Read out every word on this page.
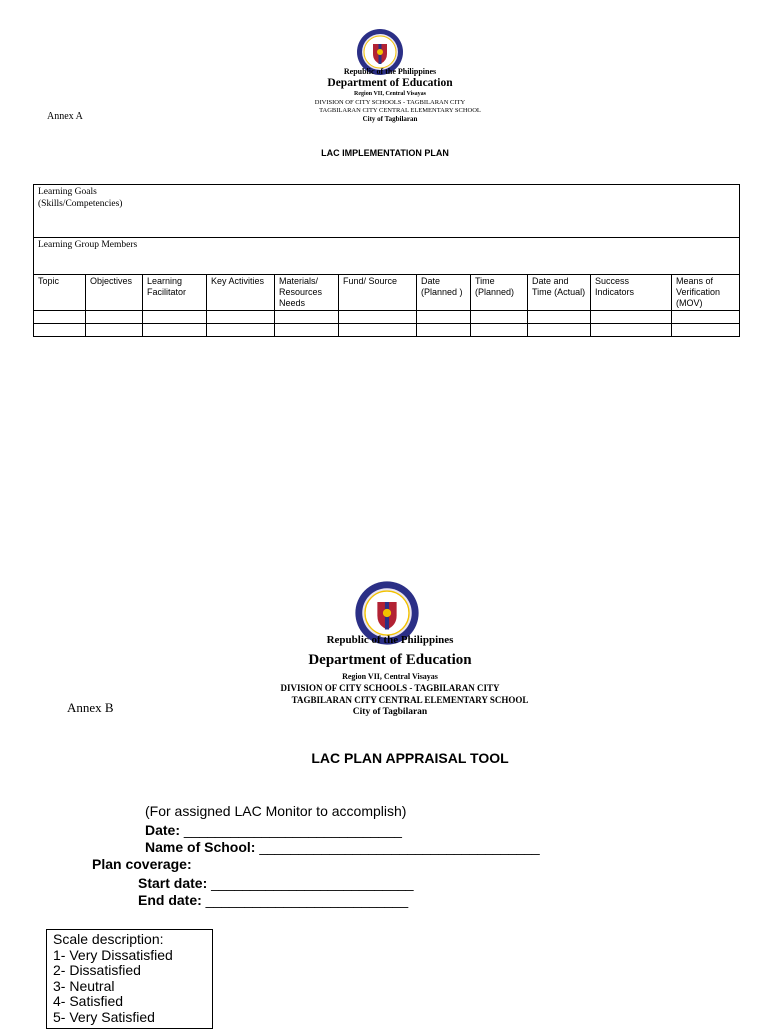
Republic of the Philippines
Department of Education
Region VII, Central Visayas
DIVISION OF CITY SCHOOLS - TAGBILARAN CITY
TAGBILARAN CITY CENTRAL ELEMENTARY SCHOOL
City of Tagbilaran
Annex A
LAC IMPLEMENTATION PLAN
Learning Goals
(Skills/Competencies)										

Learning Group Members										

Topic	Objectives	Learning Facilitator	Key Activities	Materials/ Resources Needs	Fund/ Source	Date (Planned )	Time (Planned)	Date and Time (Actual)	Success Indicators	Means of Verification (MOV)

Republic of the Philippines
Department of Education
Region VII, Central Visayas
DIVISION OF CITY SCHOOLS - TAGBILARAN CITY
TAGBILARAN CITY CENTRAL ELEMENTARY SCHOOL
City of Tagbilaran
Annex B
LAC PLAN APPRAISAL TOOL
(For assigned LAC Monitor to accomplish)
Date: ____________________________
Name of School: ____________________________________
Plan coverage:
Start date: __________________________
End date: __________________________
Scale description:
1- Very Dissatisfied
2- Dissatisfied
3- Neutral
4- Satisfied
5- Very Satisfied
